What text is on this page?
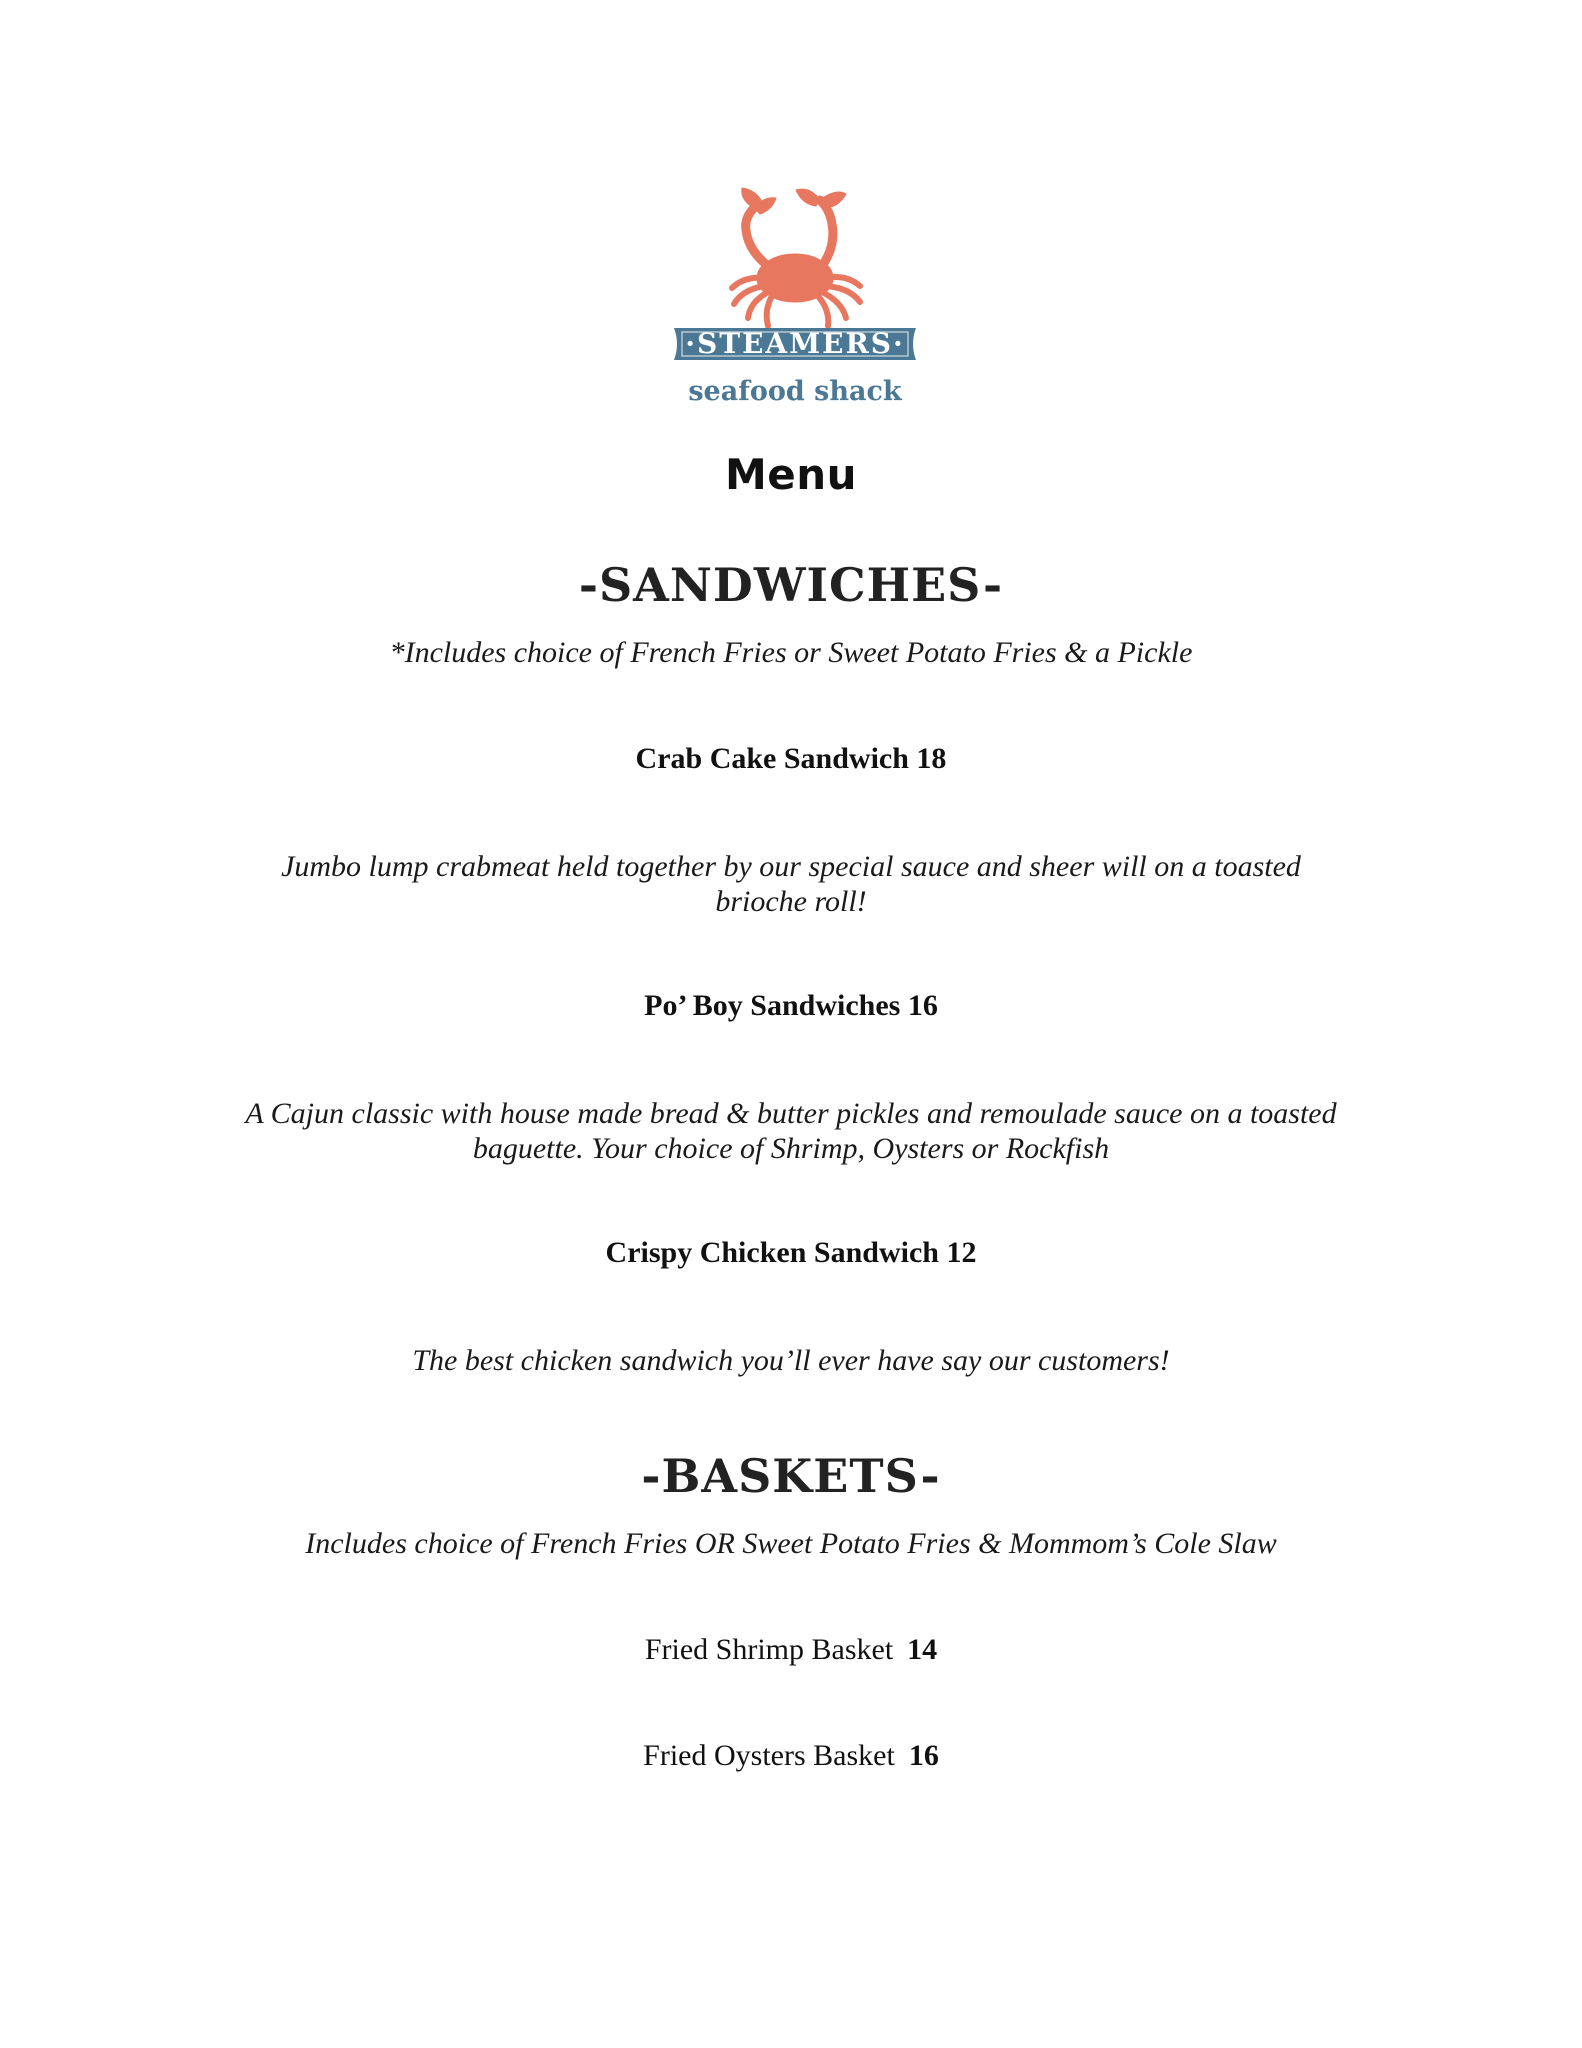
·STEAMERS·
seafood shack
Menu
-SANDWICHES-
*Includes choice of French Fries or Sweet Potato Fries & a Pickle
Crab Cake Sandwich 18
Jumbo lump crabmeat held together by our special sauce and sheer will on a toasted
brioche roll!
Po’ Boy Sandwiches 16
A Cajun classic with house made bread & butter pickles and remoulade sauce on a toasted
baguette. Your choice of Shrimp, Oysters or Rockfish
Crispy Chicken Sandwich 12
The best chicken sandwich you’ll ever have say our customers!
-BASKETS-
Includes choice of French Fries OR Sweet Potato Fries & Mommom’s Cole Slaw
Fried Shrimp Basket 14
Fried Oysters Basket 16
